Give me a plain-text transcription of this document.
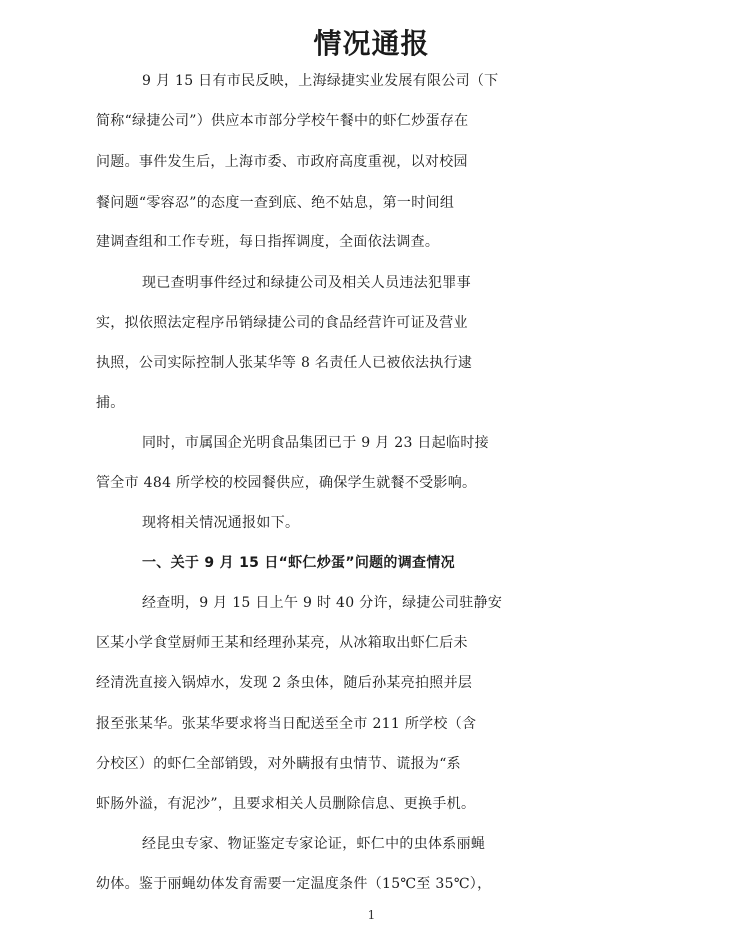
情况通报
9 月 15 日有市民反映，上海绿捷实业发展有限公司（下
简称“绿捷公司”）供应本市部分学校午餐中的虾仁炒蛋存在
问题。事件发生后，上海市委、市政府高度重视，以对校园
餐问题“零容忍”的态度一查到底、绝不姑息，第一时间组
建调查组和工作专班，每日指挥调度，全面依法调查。
现已查明事件经过和绿捷公司及相关人员违法犯罪事
实，拟依照法定程序吊销绿捷公司的食品经营许可证及营业
执照，公司实际控制人张某华等 8 名责任人已被依法执行逮
捕。
同时，市属国企光明食品集团已于 9 月 23 日起临时接
管全市 484 所学校的校园餐供应，确保学生就餐不受影响。
现将相关情况通报如下。
一、关于 9 月 15 日“虾仁炒蛋”问题的调查情况
经查明，9 月 15 日上午 9 时 40 分许，绿捷公司驻静安
区某小学食堂厨师王某和经理孙某亮，从冰箱取出虾仁后未
经清洗直接入锅焯水，发现 2 条虫体，随后孙某亮拍照并层
报至张某华。张某华要求将当日配送至全市 211 所学校（含
分校区）的虾仁全部销毁，对外瞒报有虫情节、谎报为“系
虾肠外溢，有泥沙”，且要求相关人员删除信息、更换手机。
经昆虫专家、物证鉴定专家论证，虾仁中的虫体系丽蝇
幼体。鉴于丽蝇幼体发育需要一定温度条件（15℃至 35℃），
1
